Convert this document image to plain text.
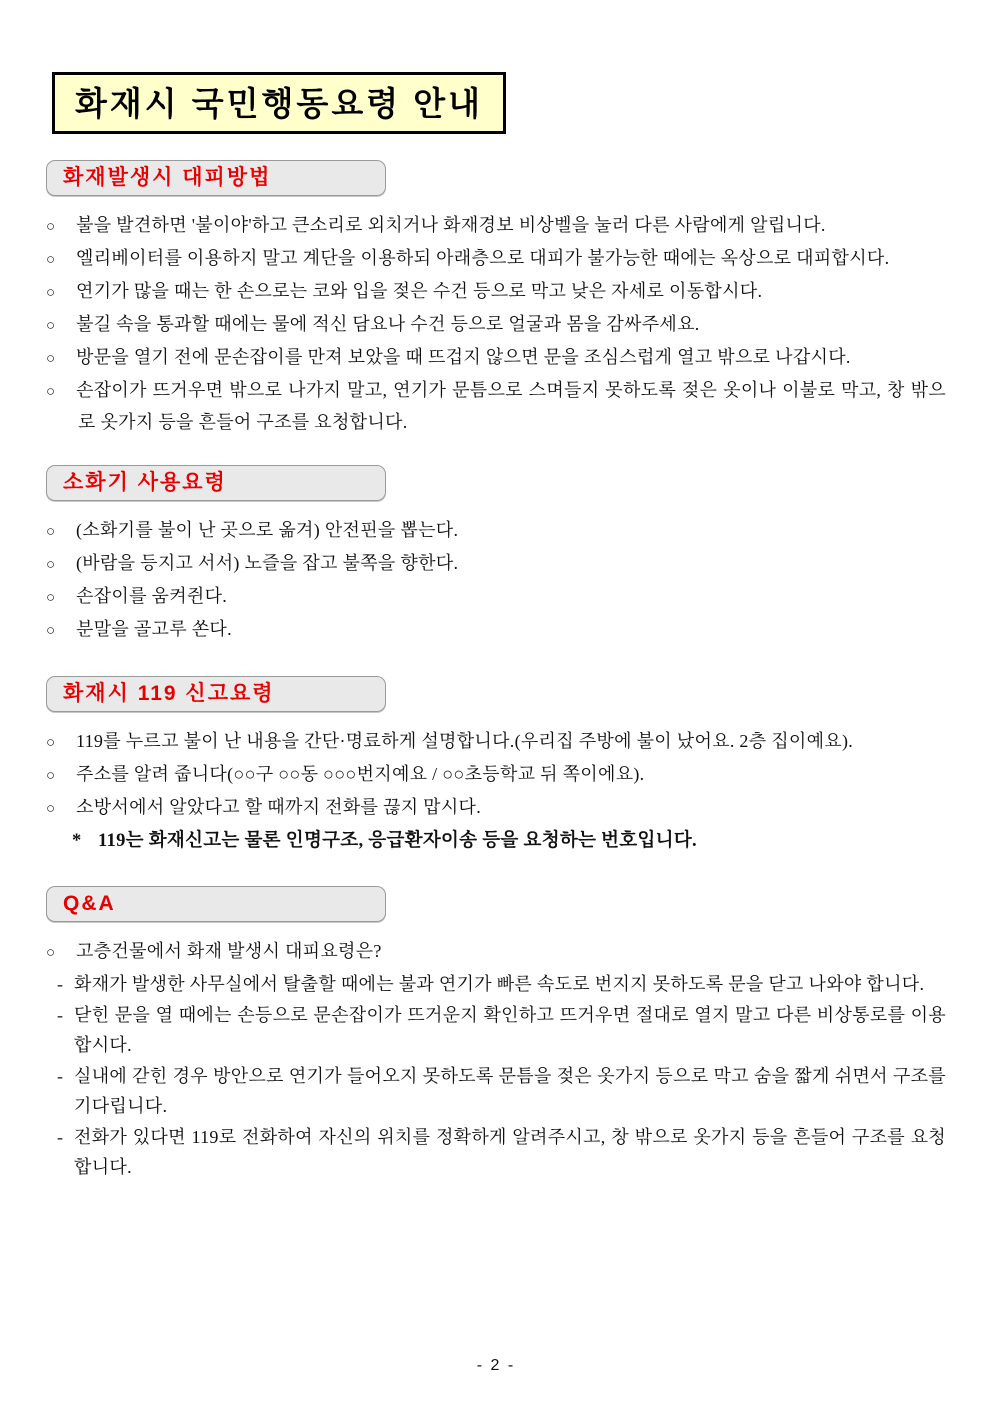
화재시 국민행동요령 안내
화재발생시 대피방법
○ 불을 발견하면 '불이야'하고 큰소리로 외치거나 화재경보 비상벨을 눌러 다른 사람에게 알립니다.
○ 엘리베이터를 이용하지 말고 계단을 이용하되 아래층으로 대피가 불가능한 때에는 옥상으로 대피합시다.
○ 연기가 많을 때는 한 손으로는 코와 입을 젖은 수건 등으로 막고 낮은 자세로 이동합시다.
○ 불길 속을 통과할 때에는 물에 적신 담요나 수건 등으로 얼굴과 몸을 감싸주세요.
○ 방문을 열기 전에 문손잡이를 만져 보았을 때 뜨겁지 않으면 문을 조심스럽게 열고 밖으로 나갑시다.
○ 손잡이가 뜨거우면 밖으로 나가지 말고, 연기가 문틈으로 스며들지 못하도록 젖은 옷이나 이불로 막고, 창 밖으로 옷가지 등을 흔들어 구조를 요청합니다.
소화기 사용요령
○ (소화기를 불이 난 곳으로 옮겨) 안전핀을 뽑는다.
○ (바람을 등지고 서서) 노즐을 잡고 불쪽을 향한다.
○ 손잡이를 움켜쥔다.
○ 분말을 골고루 쏜다.
화재시 119 신고요령
○ 119를 누르고 불이 난 내용을 간단·명료하게 설명합니다.(우리집 주방에 불이 났어요. 2층 집이예요).
○ 주소를 알려 줍니다(○○구 ○○동 ○○○번지예요 / ○○초등학교 뒤 쪽이에요).
○ 소방서에서 알았다고 할 때까지 전화를 끊지 맙시다.
* 119는 화재신고는 물론 인명구조, 응급환자이송 등을 요청하는 번호입니다.
Q&A
○ 고층건물에서 화재 발생시 대피요령은?
- 화재가 발생한 사무실에서 탈출할 때에는 불과 연기가 빠른 속도로 번지지 못하도록 문을 닫고 나와야 합니다.
- 닫힌 문을 열 때에는 손등으로 문손잡이가 뜨거운지 확인하고 뜨거우면 절대로 열지 말고 다른 비상통로를 이용합시다.
- 실내에 갇힌 경우 방안으로 연기가 들어오지 못하도록 문틈을 젖은 옷가지 등으로 막고 숨을 짧게 쉬면서 구조를 기다립니다.
- 전화가 있다면 119로 전화하여 자신의 위치를 정확하게 알려주시고, 창 밖으로 옷가지 등을 흔들어 구조를 요청합니다.
- 2 -
